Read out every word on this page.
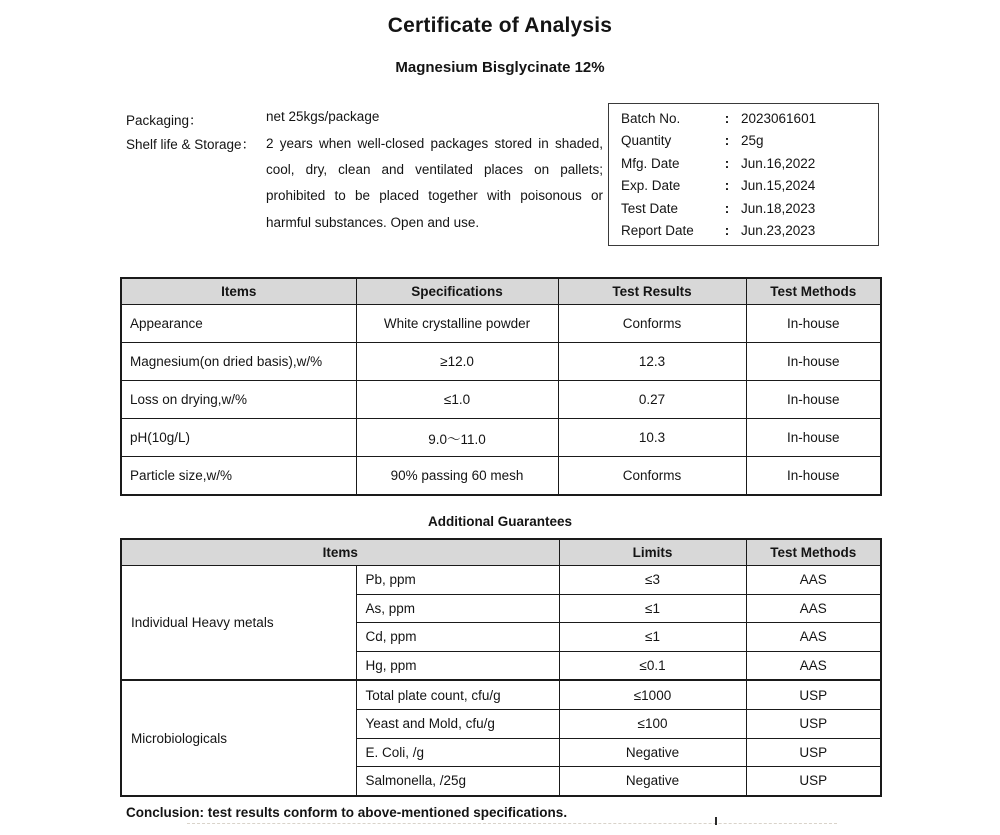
Certificate of Analysis
Magnesium Bisglycinate 12%
Packaging：	net 25kgs/package
Shelf life & Storage： 2 years when well-closed packages stored in shaded, cool, dry, clean and ventilated places on pallets; prohibited to be placed together with poisonous or harmful substances. Open and use.
Batch No.	: 2023061601
Quantity	: 25g
Mfg. Date	: Jun.16,2022
Exp. Date	: Jun.15,2024
Test Date	: Jun.18,2023
Report Date	: Jun.23,2023
Items	Specifications	Test Results	Test Methods
Appearance	White crystalline powder	Conforms	In-house
Magnesium(on dried basis),w/%	≥12.0	12.3	In-house
Loss on drying,w/%	≤1.0	0.27	In-house
pH(10g/L)	9.0～11.0	10.3	In-house
Particle size,w/%	90% passing 60 mesh	Conforms	In-house
Additional Guarantees
Items		Limits	Test Methods
Individual Heavy metals	Pb, ppm	≤3	AAS
	As, ppm	≤1	AAS
	Cd, ppm	≤1	AAS
	Hg, ppm	≤0.1	AAS
Microbiologicals	Total plate count, cfu/g	≤1000	USP
	Yeast and Mold, cfu/g	≤100	USP
	E. Coli, /g	Negative	USP
	Salmonella, /25g	Negative	USP
Conclusion: test results conform to above-mentioned specifications.
